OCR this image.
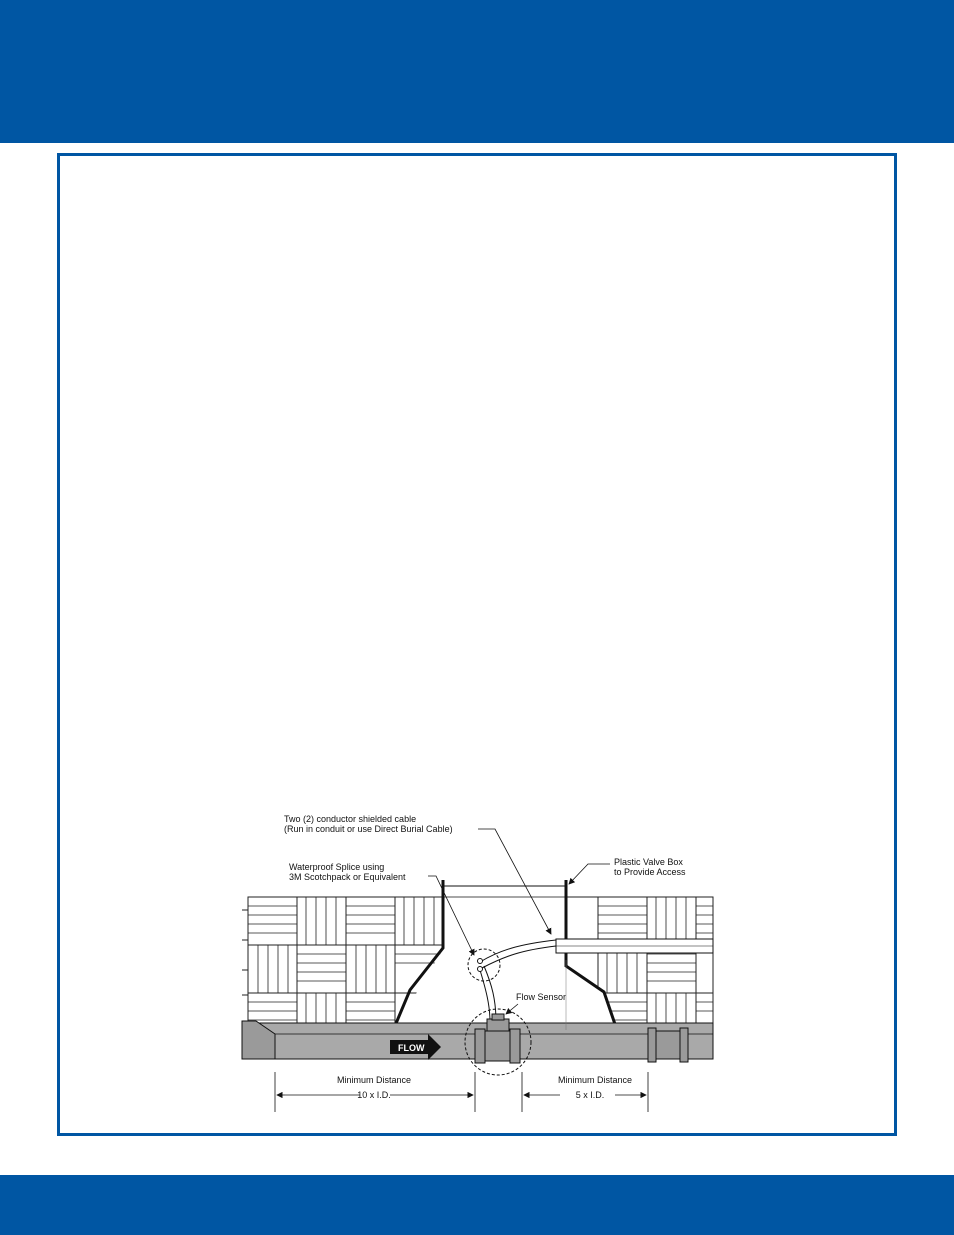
FLOW
Two (2) conductor shielded cable
(Run in conduit or use Direct Burial Cable)
Waterproof Splice using
3M Scotchpack or Equivalent
Plastic Valve Box
to Provide Access
Flow Sensor
Minimum Distance
10 x I.D.
Minimum Distance
5 x I.D.
